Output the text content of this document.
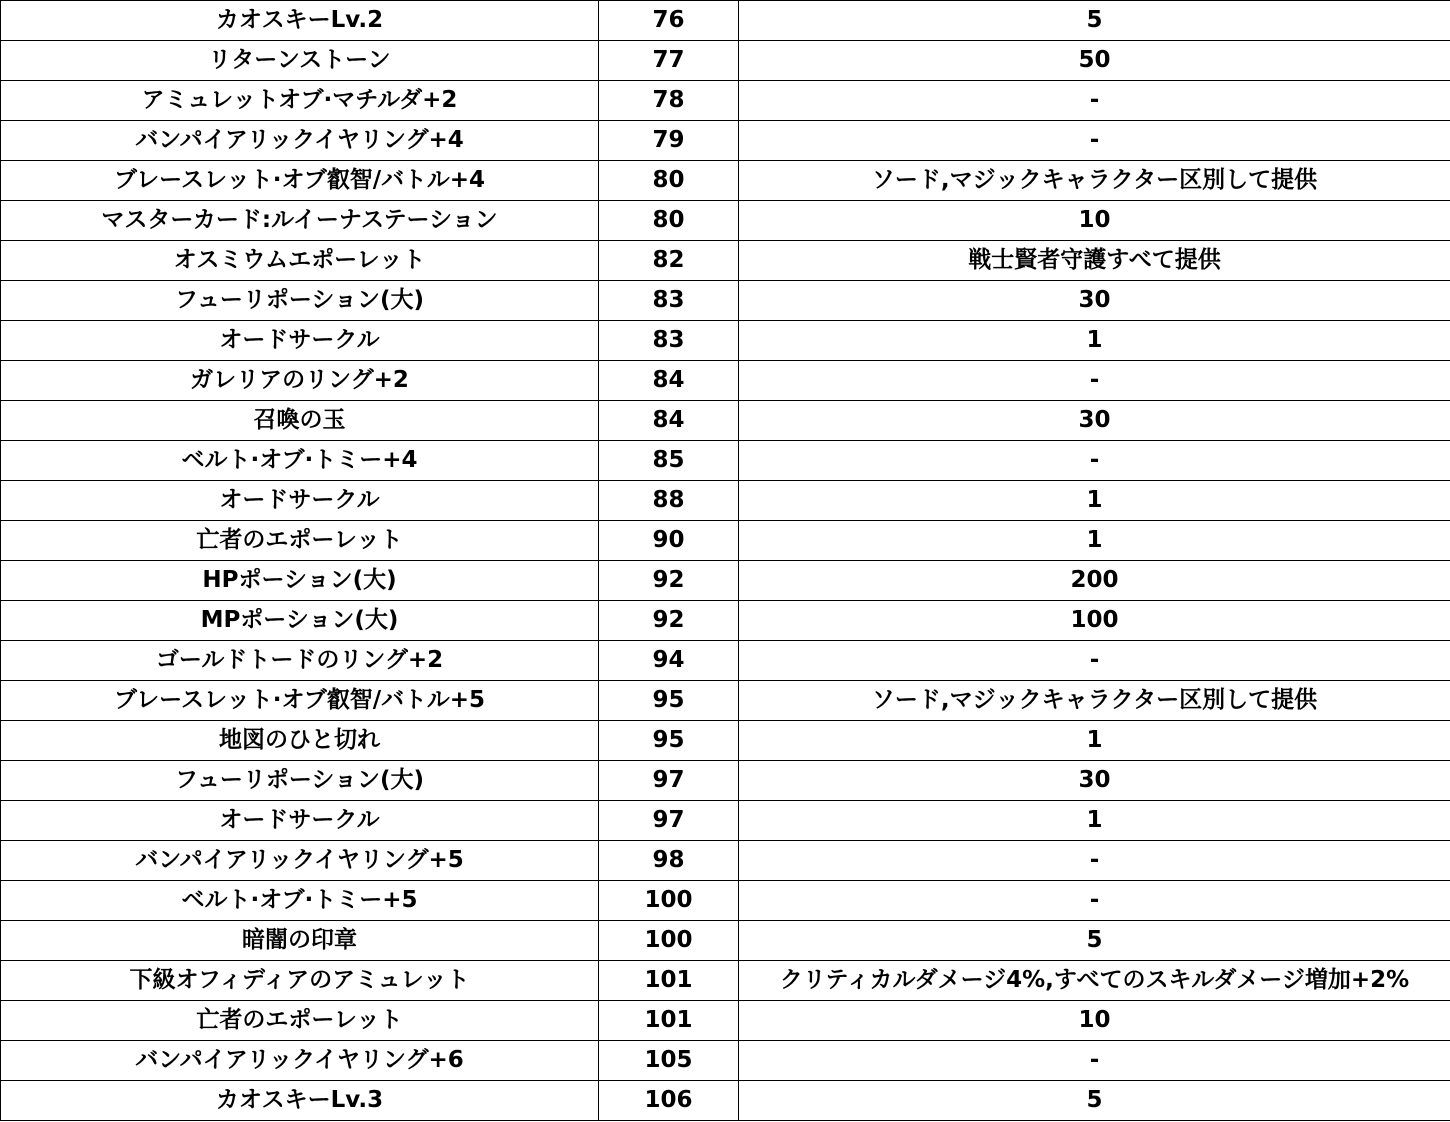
カオスキーLv.2	76	5
リターンストーン	77	50
アミュレットオブ·マチルダ+2	78	-
バンパイアリックイヤリング+4	79	-
ブレースレット·オブ叡智/バトル+4	80	ソード,マジックキャラクター区別して提供
マスターカード:ルイーナステーション	80	10
オスミウムエポーレット	82	戦士賢者守護すべて提供
フューリポーション(大)	83	30
オードサークル	83	1
ガレリアのリング+2	84	-
召喚の玉	84	30
ベルト·オブ·トミー+4	85	-
オードサークル	88	1
亡者のエポーレット	90	1
HPポーション(大)	92	200
MPポーション(大)	92	100
ゴールドトードのリング+2	94	-
ブレースレット·オブ叡智/バトル+5	95	ソード,マジックキャラクター区別して提供
地図のひと切れ	95	1
フューリポーション(大)	97	30
オードサークル	97	1
バンパイアリックイヤリング+5	98	-
ベルト·オブ·トミー+5	100	-
暗闇の印章	100	5
下級オフィディアのアミュレット	101	クリティカルダメージ4%,すべてのスキルダメージ増加+2%
亡者のエポーレット	101	10
バンパイアリックイヤリング+6	105	-
カオスキーLv.3	106	5
